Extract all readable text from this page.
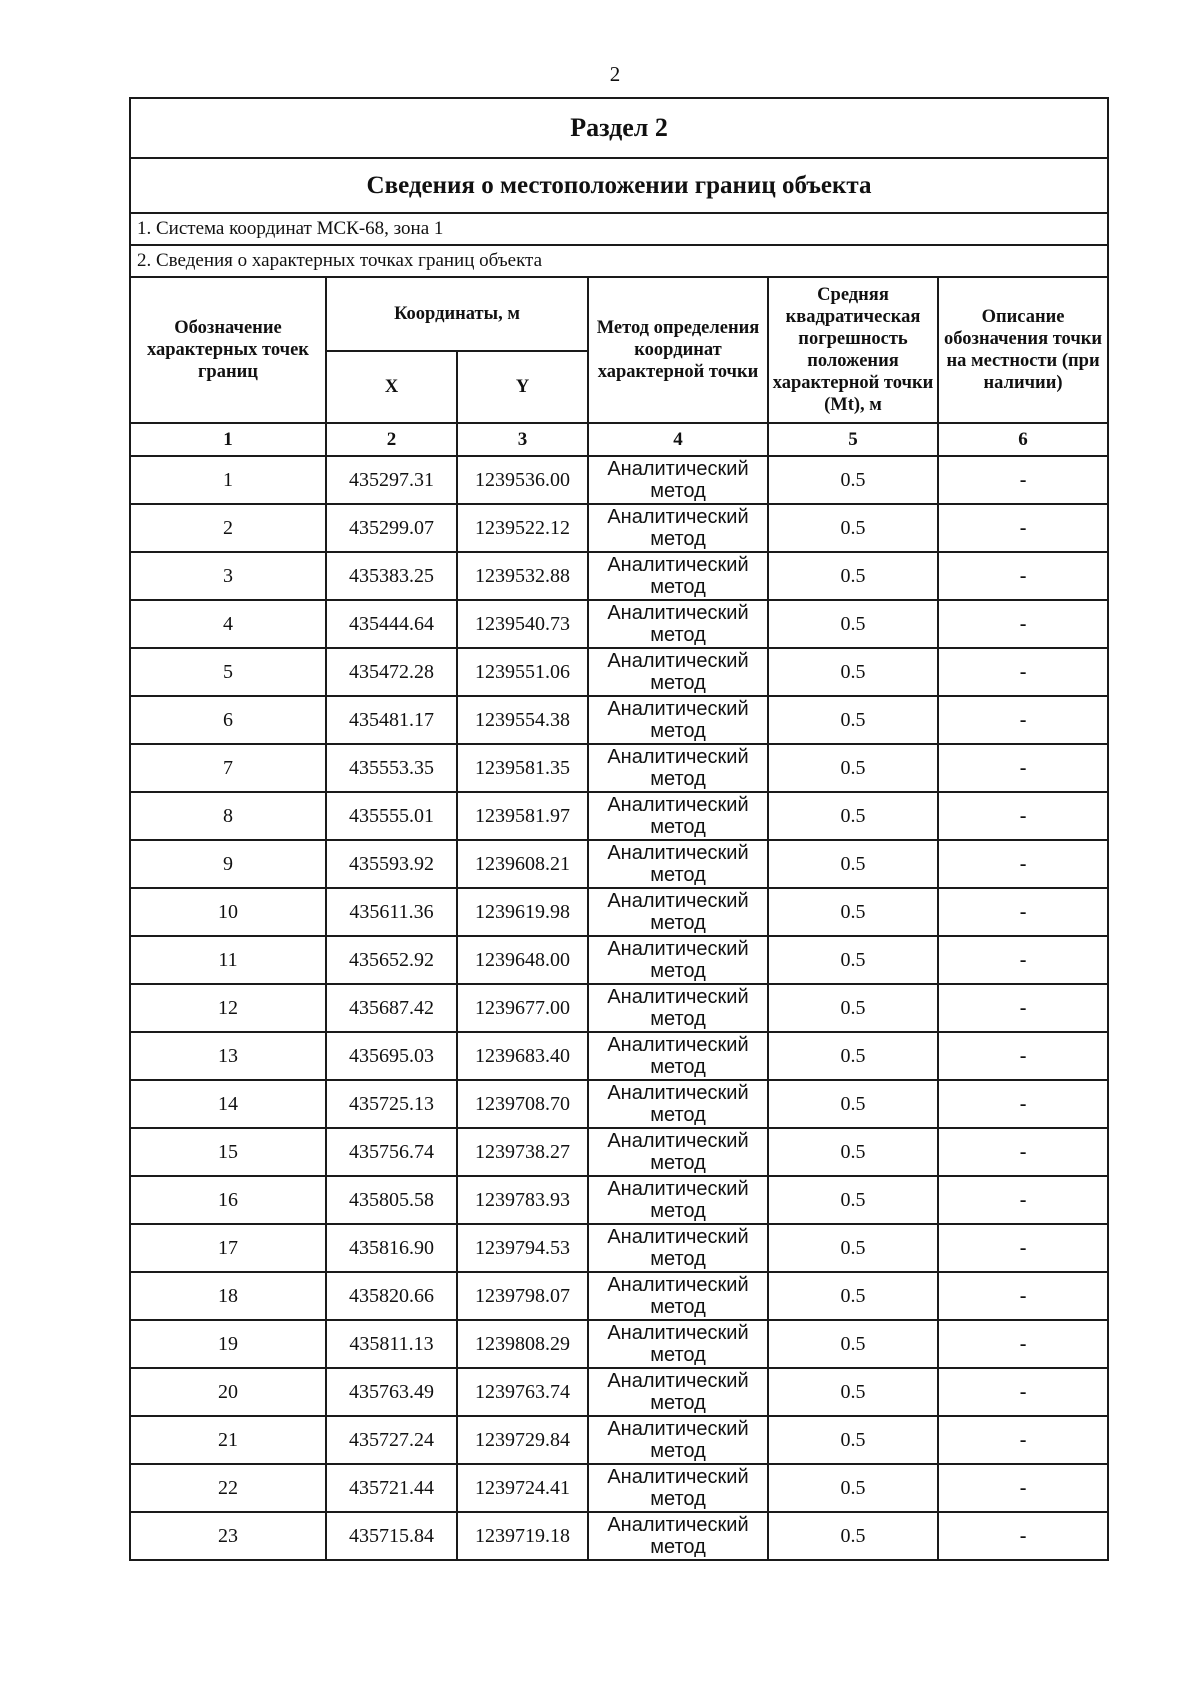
2
Раздел 2					
Сведения о местоположении границ объекта					
1. Система координат МСК-68, зона 1					
2. Сведения о характерных точках границ объекта					
Обозначение характерных точек границ	Координаты, м		Метод определения координат характерной точки	Средняя квадратическая погрешность положения характерной точки (Mt), м	Описание обозначения точки на местности (при наличии)
	X	Y			
1	2	3	4	5	6
1	435297.31	1239536.00	Аналитический метод	0.5	-
2	435299.07	1239522.12	Аналитический метод	0.5	-
3	435383.25	1239532.88	Аналитический метод	0.5	-
4	435444.64	1239540.73	Аналитический метод	0.5	-
5	435472.28	1239551.06	Аналитический метод	0.5	-
6	435481.17	1239554.38	Аналитический метод	0.5	-
7	435553.35	1239581.35	Аналитический метод	0.5	-
8	435555.01	1239581.97	Аналитический метод	0.5	-
9	435593.92	1239608.21	Аналитический метод	0.5	-
10	435611.36	1239619.98	Аналитический метод	0.5	-
11	435652.92	1239648.00	Аналитический метод	0.5	-
12	435687.42	1239677.00	Аналитический метод	0.5	-
13	435695.03	1239683.40	Аналитический метод	0.5	-
14	435725.13	1239708.70	Аналитический метод	0.5	-
15	435756.74	1239738.27	Аналитический метод	0.5	-
16	435805.58	1239783.93	Аналитический метод	0.5	-
17	435816.90	1239794.53	Аналитический метод	0.5	-
18	435820.66	1239798.07	Аналитический метод	0.5	-
19	435811.13	1239808.29	Аналитический метод	0.5	-
20	435763.49	1239763.74	Аналитический метод	0.5	-
21	435727.24	1239729.84	Аналитический метод	0.5	-
22	435721.44	1239724.41	Аналитический метод	0.5	-
23	435715.84	1239719.18	Аналитический метод	0.5	-
